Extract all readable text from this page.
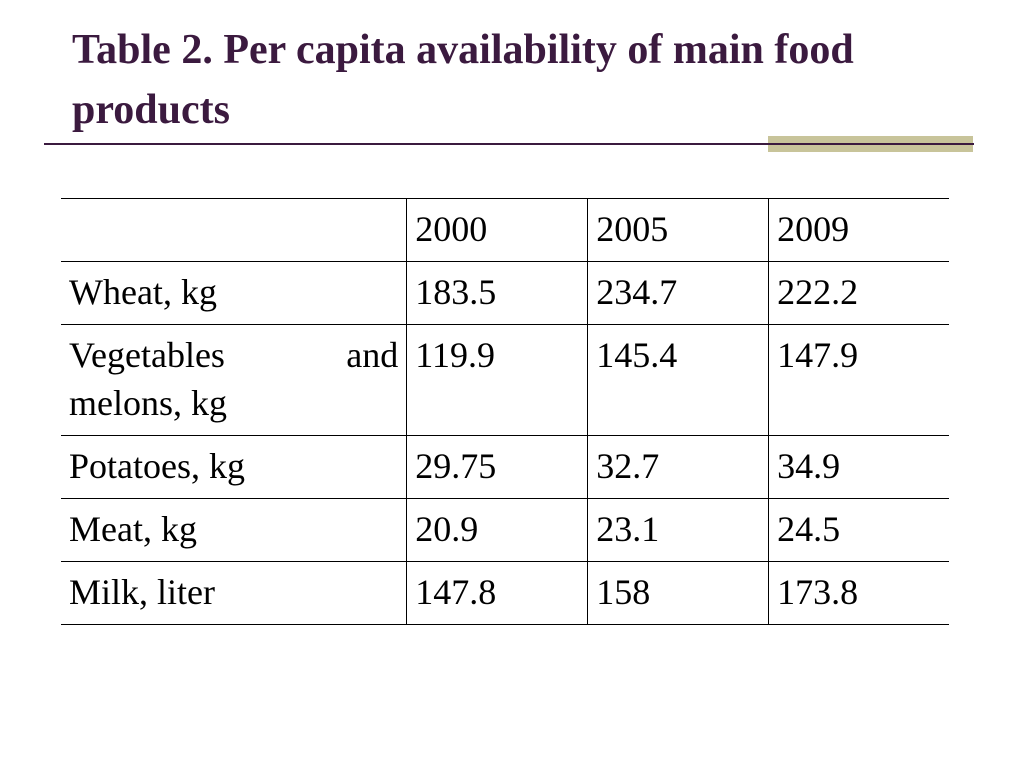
Table 2. Per capita availability of main food products
	2000	2005	2009
Wheat, kg	183.5	234.7	222.2
Vegetables and melons, kg	119.9	145.4	147.9
Potatoes, kg	29.75	32.7	34.9
Meat, kg	20.9	23.1	24.5
Milk, liter	147.8	158	173.8
